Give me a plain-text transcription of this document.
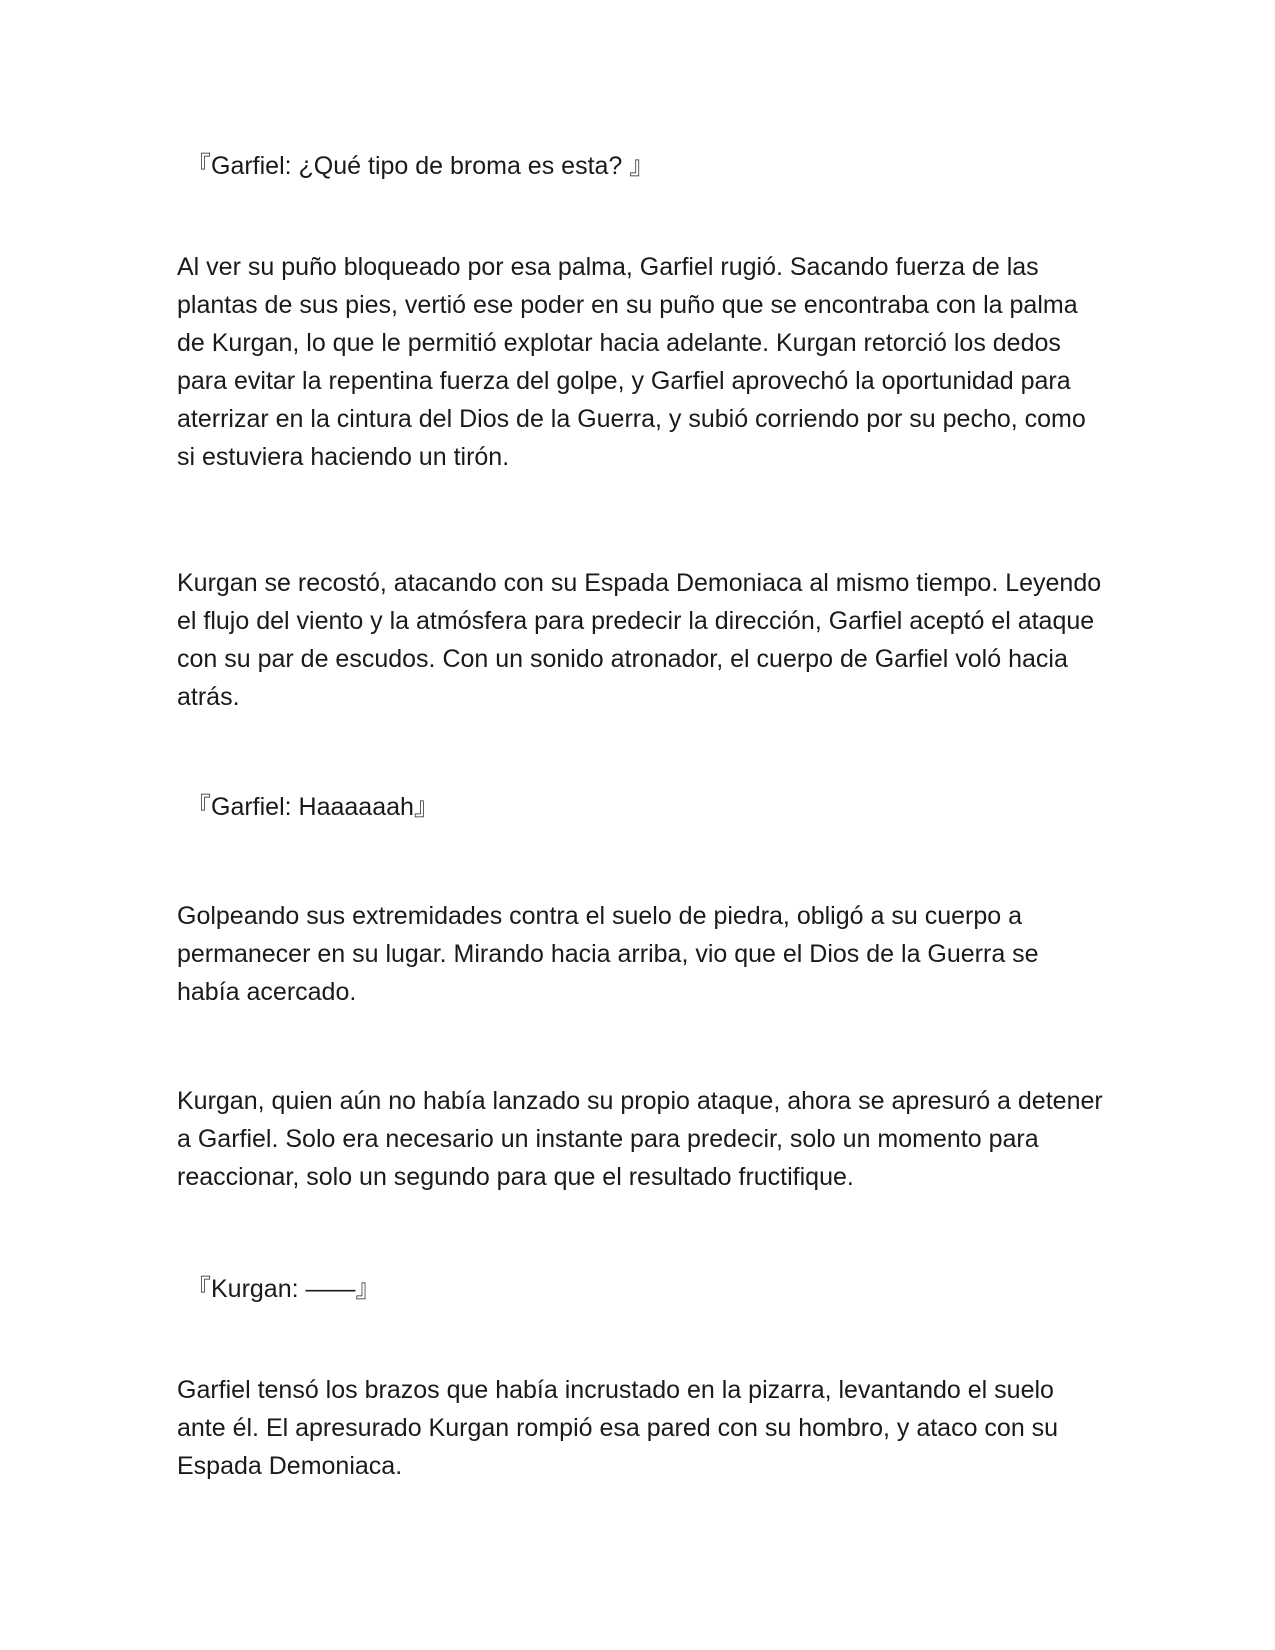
『Garfiel: ¿Qué tipo de broma es esta? 』

Al ver su puño bloqueado por esa palma, Garfiel rugió. Sacando fuerza de las plantas de sus pies, vertió ese poder en su puño que se encontraba con la palma de Kurgan, lo que le permitió explotar hacia adelante. Kurgan retorció los dedos para evitar la repentina fuerza del golpe, y Garfiel aprovechó la oportunidad para aterrizar en la cintura del Dios de la Guerra, y subió corriendo por su pecho, como si estuviera haciendo un tirón.

Kurgan se recostó, atacando con su Espada Demoniaca al mismo tiempo. Leyendo el flujo del viento y la atmósfera para predecir la dirección, Garfiel aceptó el ataque con su par de escudos. Con un sonido atronador, el cuerpo de Garfiel voló hacia atrás.

『Garfiel: Haaaaaah』

Golpeando sus extremidades contra el suelo de piedra, obligó a su cuerpo a permanecer en su lugar. Mirando hacia arriba, vio que el Dios de la Guerra se había acercado.

Kurgan, quien aún no había lanzado su propio ataque, ahora se apresuró a detener a Garfiel. Solo era necesario un instante para predecir, solo un momento para reaccionar, solo un segundo para que el resultado fructifique.

『Kurgan: ——』

Garfiel tensó los brazos que había incrustado en la pizarra, levantando el suelo ante él. El apresurado Kurgan rompió esa pared con su hombro, y ataco con su Espada Demoniaca.
